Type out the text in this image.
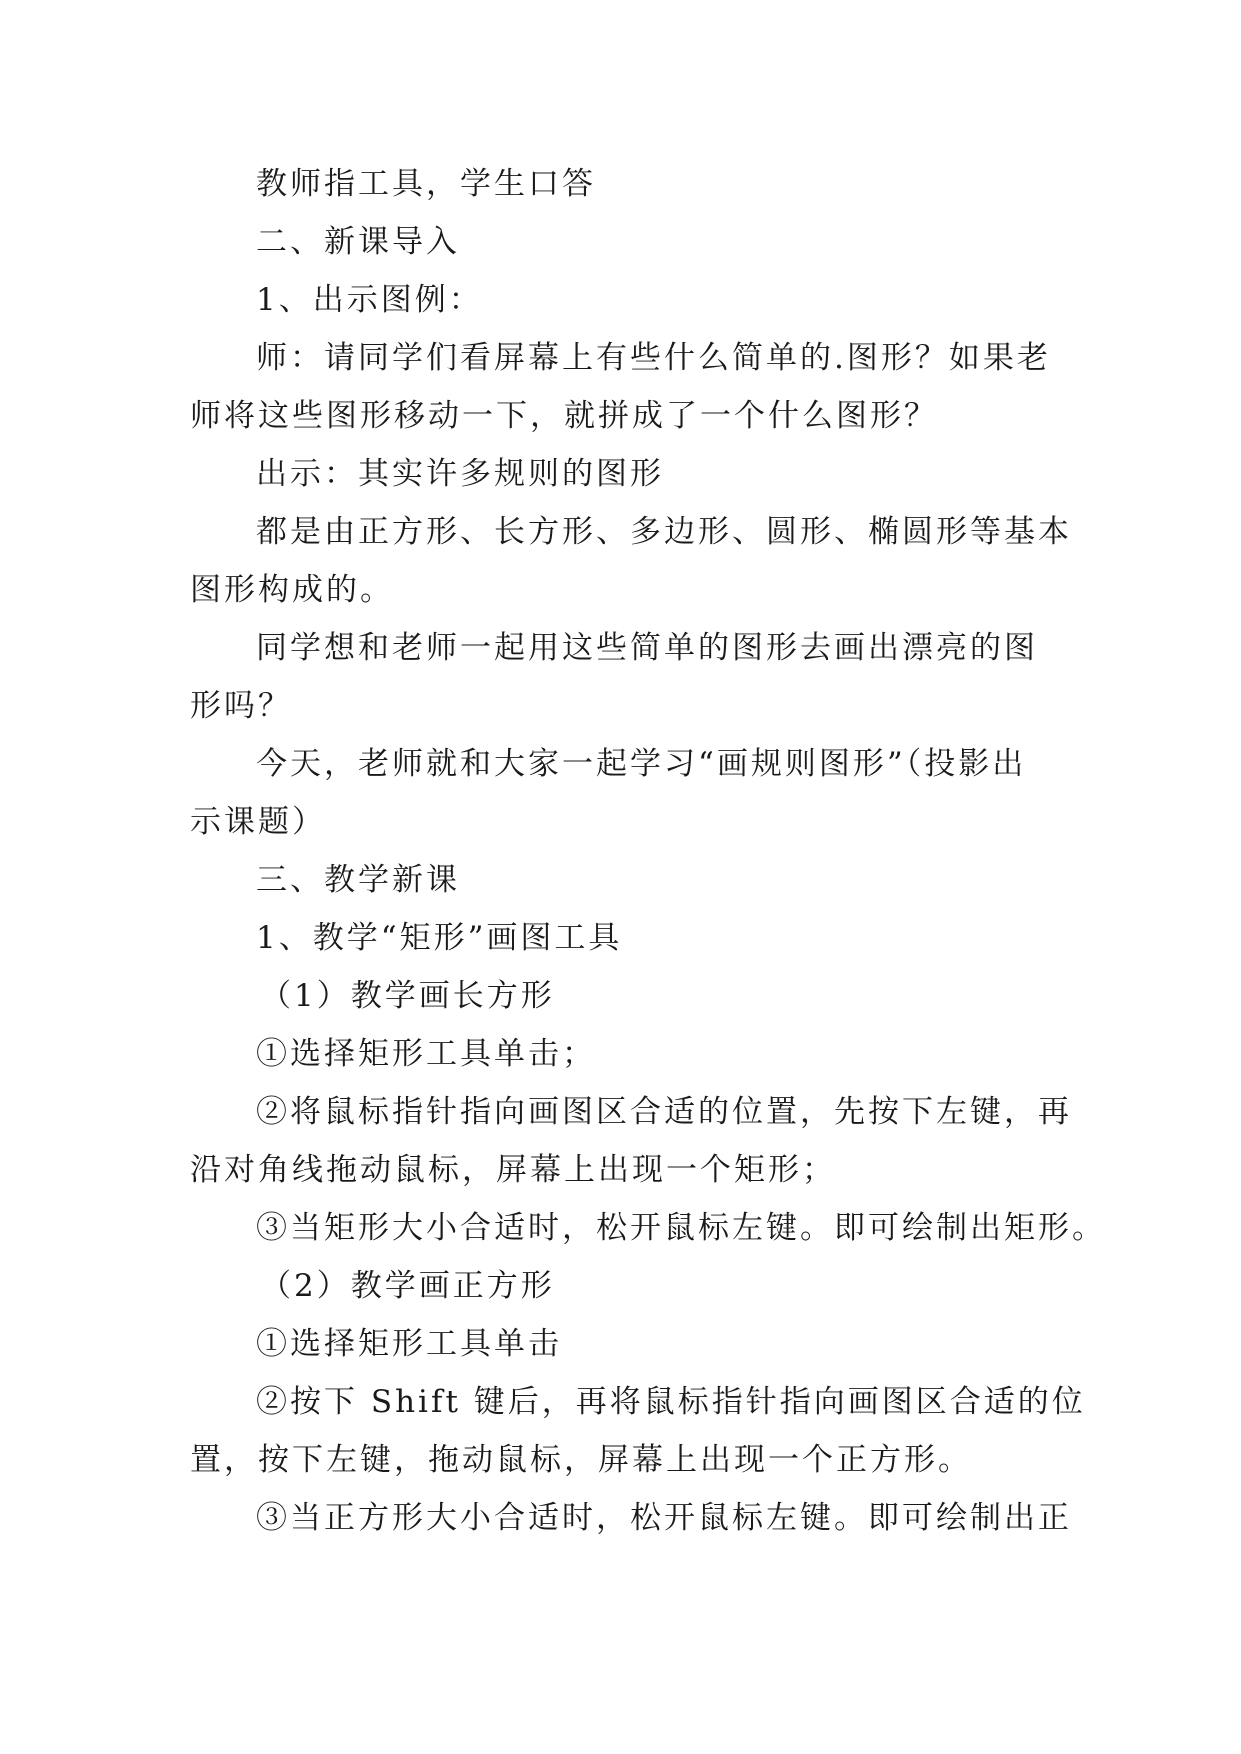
教师指工具，学生口答
二、新课导入
1、出示图例：
师：请同学们看屏幕上有些什么简单的.图形？如果老
师将这些图形移动一下，就拼成了一个什么图形？
出示：其实许多规则的图形
都是由正方形、长方形、多边形、圆形、椭圆形等基本
图形构成的。
同学想和老师一起用这些简单的图形去画出漂亮的图
形吗？
今天，老师就和大家一起学习“画规则图形”（投影出
示课题）
三、教学新课
1、教学“矩形”画图工具
（1）教学画长方形
①选择矩形工具单击；
②将鼠标指针指向画图区合适的位置，先按下左键，再
沿对角线拖动鼠标，屏幕上出现一个矩形；
③当矩形大小合适时，松开鼠标左键。即可绘制出矩形。
（2）教学画正方形
①选择矩形工具单击
②按下 Shift 键后，再将鼠标指针指向画图区合适的位
置，按下左键，拖动鼠标，屏幕上出现一个正方形。
③当正方形大小合适时，松开鼠标左键。即可绘制出正
